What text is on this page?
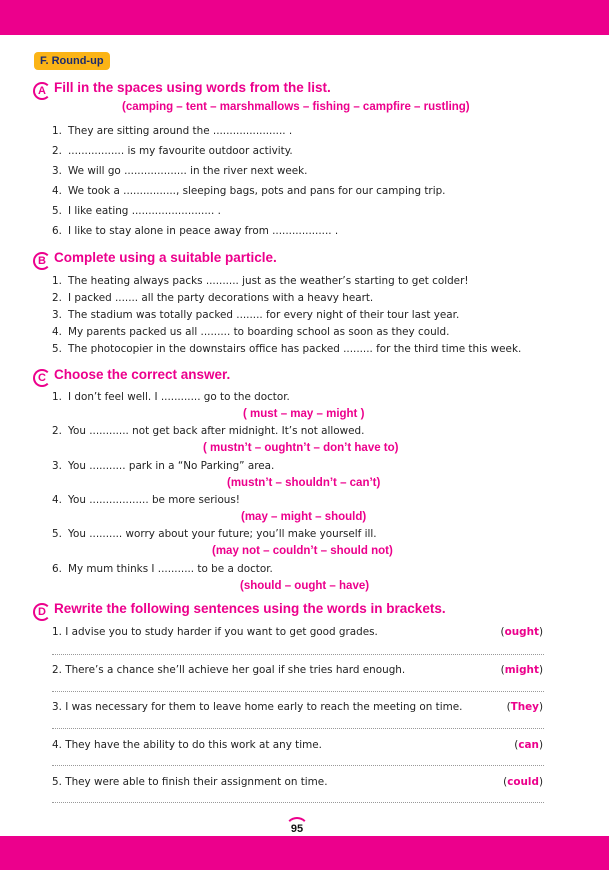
F. Round-up
A Fill in the spaces using words from the list.
(camping – tent – marshmallows – fishing – campfire – rustling)
1. They are sitting around the ...................... .
2. ................. is my favourite outdoor activity.
3. We will go ................... in the river next week.
4. We took a ................, sleeping bags, pots and pans for our camping trip.
5. I like eating ......................... .
6. I like to stay alone in peace away from .................. .
B Complete using a suitable particle.
1. The heating always packs .......... just as the weather’s starting to get colder!
2. I packed ....... all the party decorations with a heavy heart.
3. The stadium was totally packed ........ for every night of their tour last year.
4. My parents packed us all ......... to boarding school as soon as they could.
5. The photocopier in the downstairs office has packed ......... for the third time this week.
C Choose the correct answer.
1. I don’t feel well. I ............ go to the doctor.
( must – may – might )
2. You ............ not get back after midnight. It’s not allowed.
( mustn’t – oughtn’t – don’t have to)
3. You ........... park in a “No Parking” area.
(mustn’t – shouldn’t – can’t)
4. You .................. be more serious!
(may – might – should)
5. You .......... worry about your future; you’ll make yourself ill.
(may not – couldn’t – should not)
6. My mum thinks I ........... to be a doctor.
(should – ought – have)
D Rewrite the following sentences using the words in brackets.
1. I advise you to study harder if you want to get good grades.	(ought)
2. There’s a chance she’ll achieve her goal if she tries hard enough.	(might)
3. I was necessary for them to leave home early to reach the meeting on time.	(They)
4. They have the ability to do this work at any time.	(can)
5. They were able to finish their assignment on time.	(could)
95
